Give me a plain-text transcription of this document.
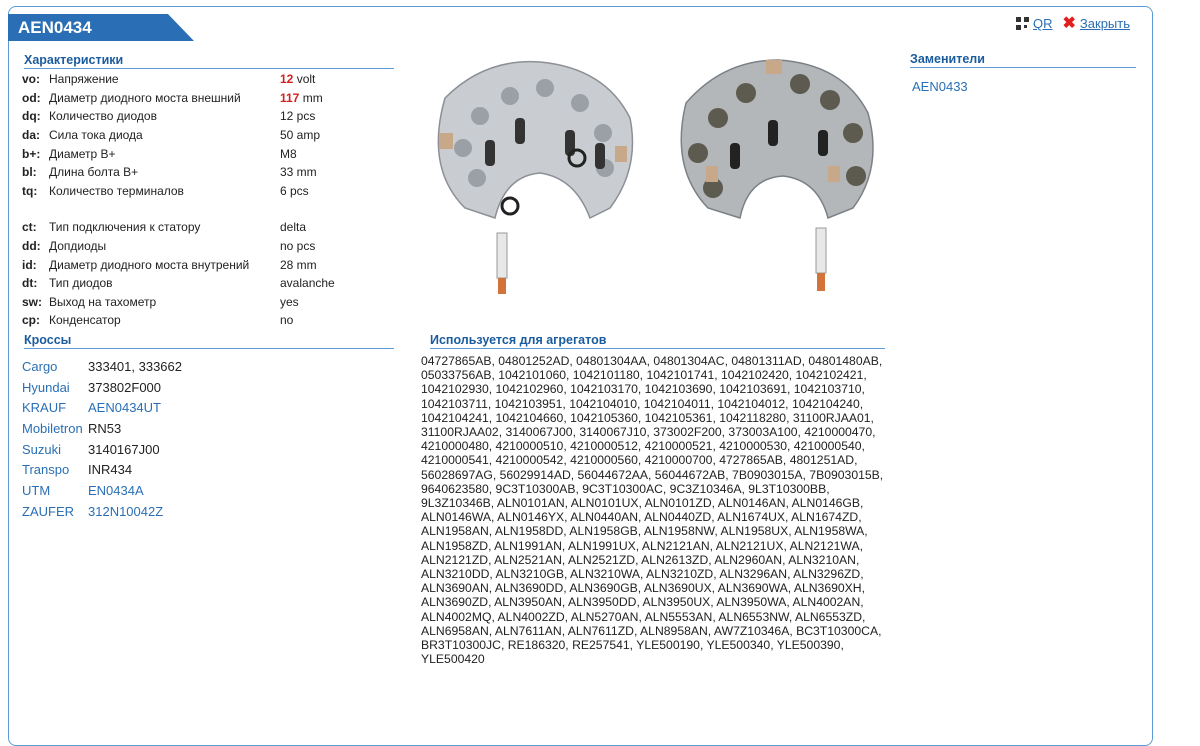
AEN0434	QR ✖ Закрыть
Характеристики
vo:	Напряжение	12 volt
od:	Диаметр диодного моста внешний	117 mm
dq:	Количество диодов	12 pcs
da:	Сила тока диода	50 amp
b+:	Диаметр B+	M8
bl:	Длина болта B+	33 mm
tq:	Количество терминалов	6 pcs

ct:	Тип подключения к статору	delta
dd:	Допдиоды	no pcs
id:	Диаметр диодного моста внутрений	28 mm
dt:	Тип диодов	avalanche
sw:	Выход на тахометр	yes
cp:	Конденсатор	no
Кроссы
Cargo	333401, 333662
Hyundai	373802F000
KRAUF	AEN0434UT
Mobiletron	RN53
Suzuki	3140167J00
Transpo	INR434
UTM	EN0434A
ZAUFER	312N10042Z
Используется для агрегатов
04727865AB, 04801252AD, 04801304AA, 04801304AC, 04801311AD, 04801480AB, 05033756AB, 1042101060, 1042101180, 1042101741, 1042102420, 1042102421, 1042102930, 1042102960, 1042103170, 1042103690, 1042103691, 1042103710, 1042103711, 1042103951, 1042104010, 1042104011, 1042104012, 1042104240, 1042104241, 1042104660, 1042105360, 1042105361, 1042118280, 31100RJAA01, 31100RJAA02, 3140067J00, 3140067J10, 373002F200, 373003A100, 4210000470, 4210000480, 4210000510, 4210000512, 4210000521, 4210000530, 4210000540, 4210000541, 4210000542, 4210000560, 4210000700, 4727865AB, 4801251AD, 56028697AG, 56029914AD, 56044672AA, 56044672AB, 7B0903015A, 7B0903015B, 9640623580, 9C3T10300AB, 9C3T10300AC, 9C3Z10346A, 9L3T10300BB, 9L3Z10346B, ALN0101AN, ALN0101UX, ALN0101ZD, ALN0146AN, ALN0146GB, ALN0146WA, ALN0146YX, ALN0440AN, ALN0440ZD, ALN1674UX, ALN1674ZD, ALN1958AN, ALN1958DD, ALN1958GB, ALN1958NW, ALN1958UX, ALN1958WA, ALN1958ZD, ALN1991AN, ALN1991UX, ALN2121AN, ALN2121UX, ALN2121WA, ALN2121ZD, ALN2521AN, ALN2521ZD, ALN2613ZD, ALN2960AN, ALN3210AN, ALN3210DD, ALN3210GB, ALN3210WA, ALN3210ZD, ALN3296AN, ALN3296ZD, ALN3690AN, ALN3690DD, ALN3690GB, ALN3690UX, ALN3690WA, ALN3690XH, ALN3690ZD, ALN3950AN, ALN3950DD, ALN3950UX, ALN3950WA, ALN4002AN, ALN4002MQ, ALN4002ZD, ALN5270AN, ALN5553AN, ALN6553NW, ALN6553ZD, ALN6958AN, ALN7611AN, ALN7611ZD, ALN8958AN, AW7Z10346A, BC3T10300CA, BR3T10300JC, RE186320, RE257541, YLE500190, YLE500340, YLE500390, YLE500420
Заменители
AEN0433
